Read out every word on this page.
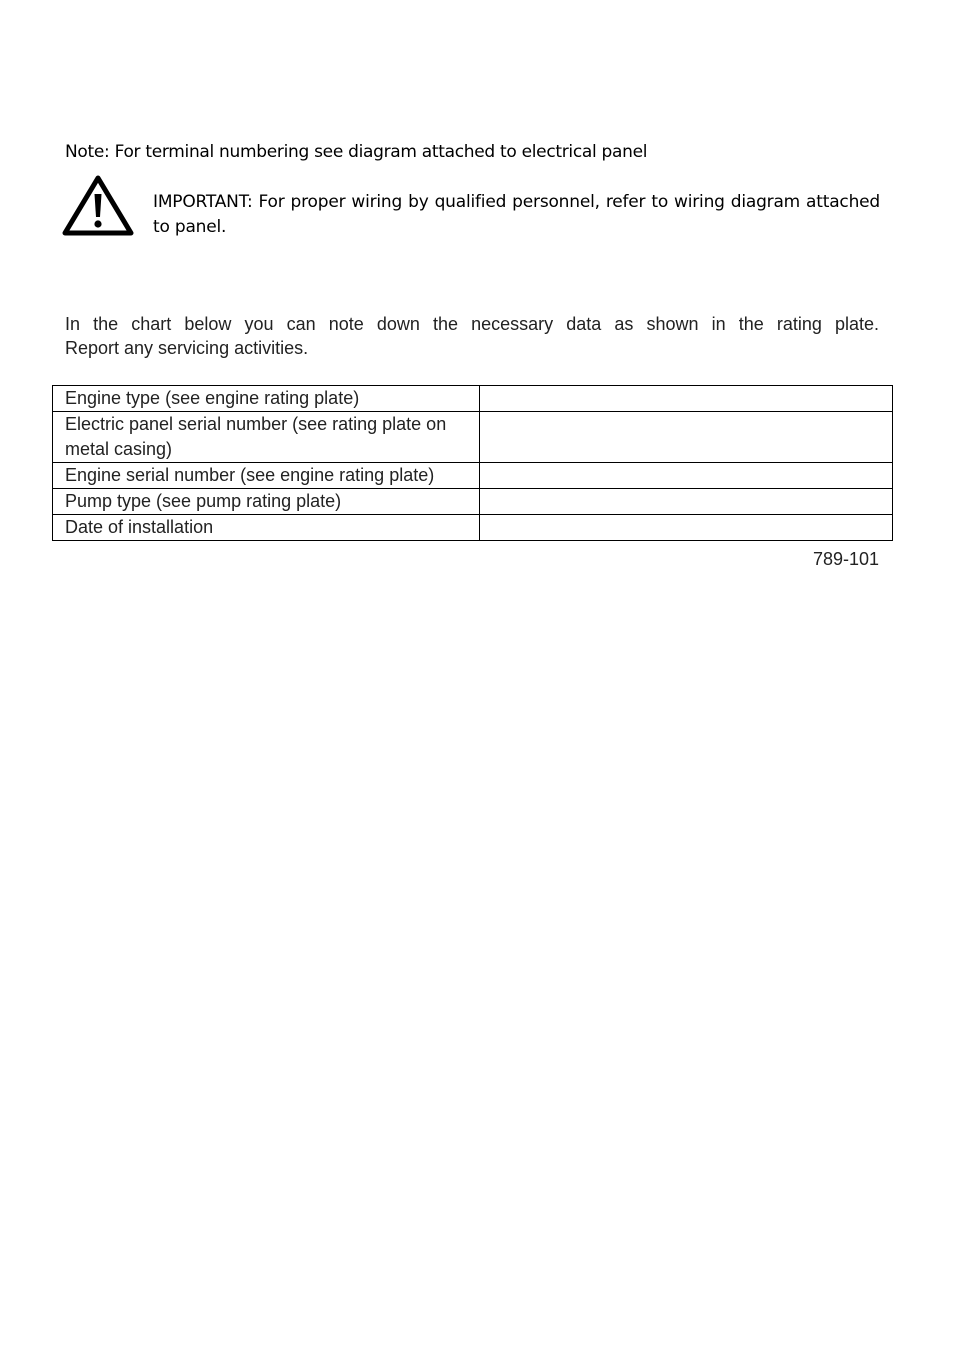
Note: For terminal numbering see diagram attached to electrical panel
IMPORTANT: For proper wiring by qualified personnel, refer to wiring diagram attached to panel.
In the chart below you can note down the necessary data as shown in the rating plate.
Report any servicing activities.
Engine type (see engine rating plate)	
Electric panel serial number (see rating plate on metal casing)	
Engine serial number (see engine rating plate)	
Pump type (see pump rating plate)	
Date of installation	
789-101
